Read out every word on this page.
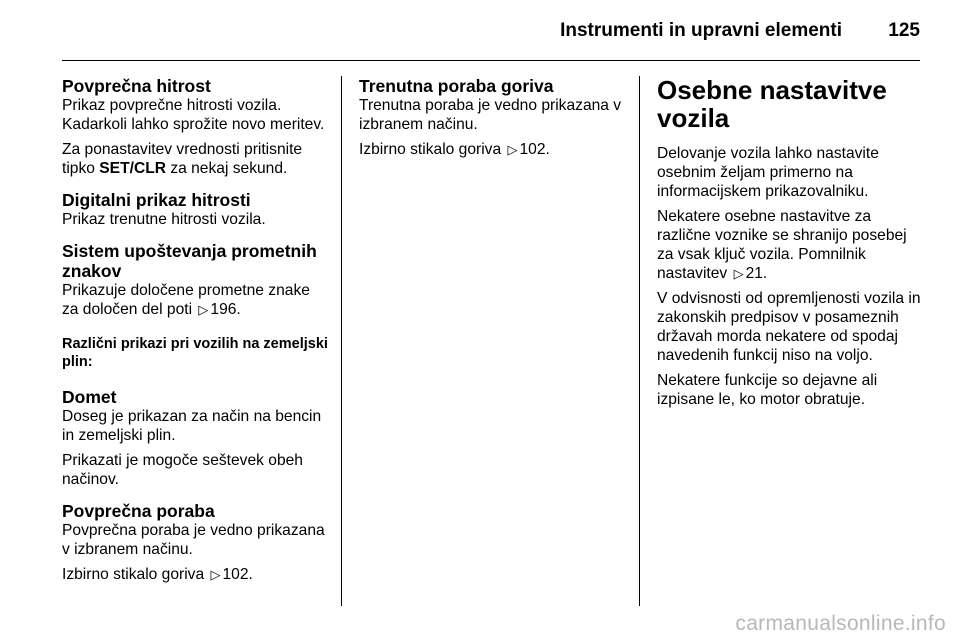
Instrumenti in upravni elementi 125
Povprečna hitrost

Prikaz povprečne hitrosti vozila. Kadarkoli lahko sprožite novo meritev.

Za ponastavitev vrednosti pritisnite tipko SET/CLR za nekaj sekund.

Digitalni prikaz hitrosti

Prikaz trenutne hitrosti vozila.

Sistem upoštevanja prometnih znakov

Prikazuje določene prometne znake za določen del poti ▷ 196.

Različni prikazi pri vozilih na zemeljski plin:
Domet

Doseg je prikazan za način na bencin in zemeljski plin.

Prikazati je mogoče seštevek obeh načinov.

Povprečna poraba

Povprečna poraba je vedno prikazana v izbranem načinu.

Izbirno stikalo goriva ▷ 102.

Trenutna poraba goriva

Trenutna poraba je vedno prikazana v izbranem načinu.

Izbirno stikalo goriva ▷ 102.

Osebne nastavitve vozila

Delovanje vozila lahko nastavite osebnim željam primerno na informacijskem prikazovalniku.

Nekatere osebne nastavitve za različne voznike se shranijo posebej za vsak ključ vozila. Pomnilnik nastavitev ▷ 21.

V odvisnosti od opremljenosti vozila in zakonskih predpisov v posameznih državah morda nekatere od spodaj navedenih funkcij niso na voljo.

Nekatere funkcije so dejavne ali izpisane le, ko motor obratuje.

carmanualsonline.info
